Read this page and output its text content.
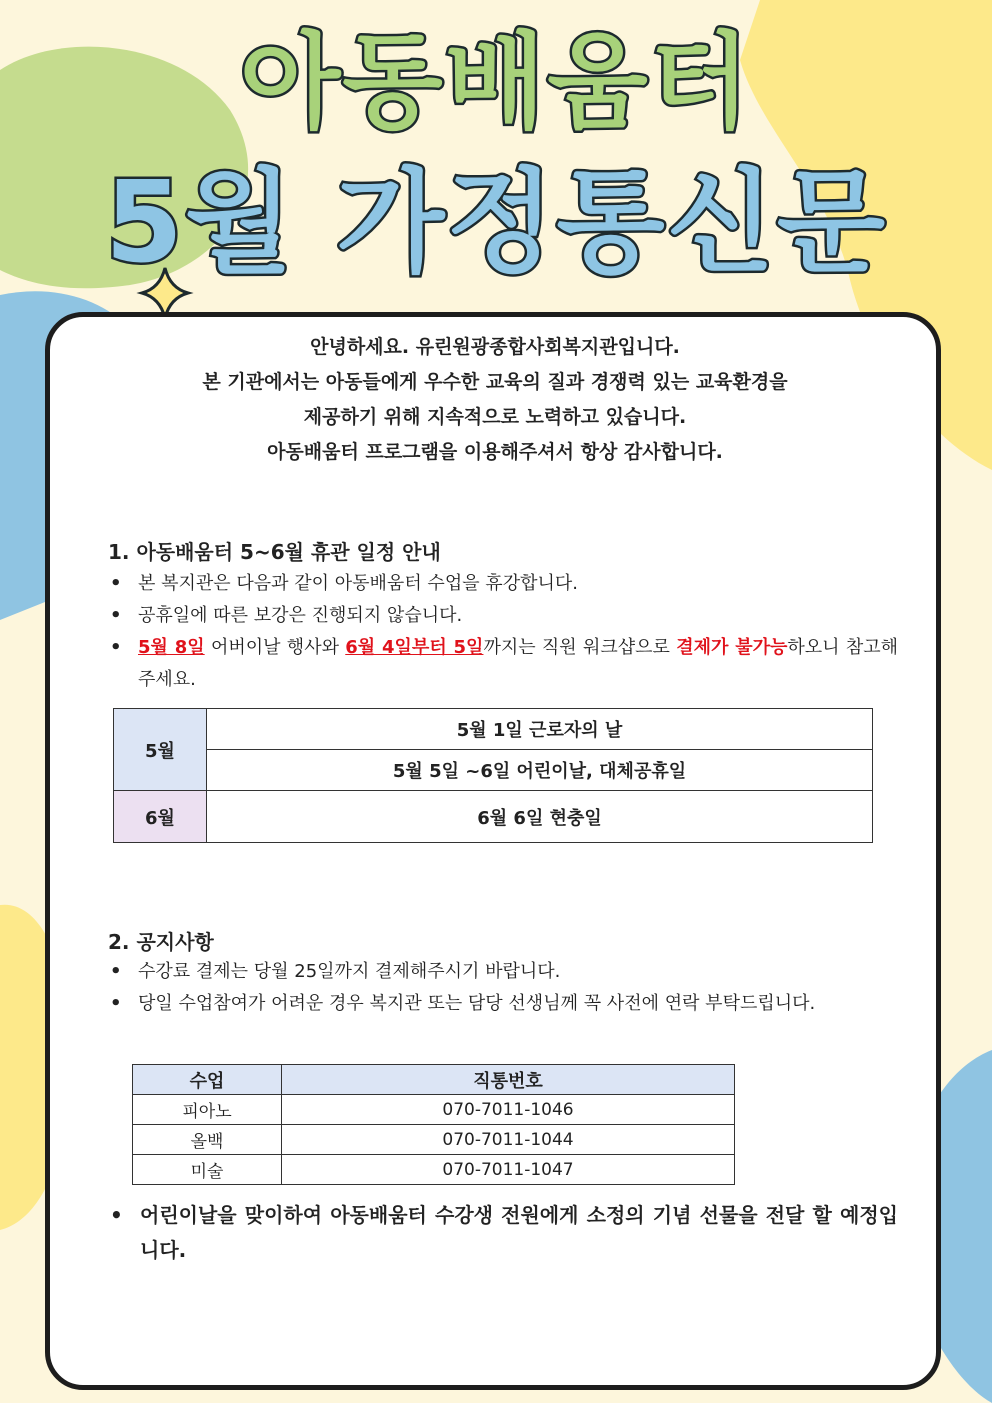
아동배움터
5월 가정통신문
안녕하세요. 유린원광종합사회복지관입니다.
본 기관에서는 아동들에게 우수한 교육의 질과 경쟁력 있는 교육환경을
제공하기 위해 지속적으로 노력하고 있습니다.
아동배움터 프로그램을 이용해주셔서 항상 감사합니다.
1. 아동배움터 5~6월 휴관 일정 안내
• 본 복지관은 다음과 같이 아동배움터 수업을 휴강합니다.
• 공휴일에 따른 보강은 진행되지 않습니다.
• 5월 8일 어버이날 행사와 6월 4일부터 5일까지는 직원 워크샵으로 결제가 불가능하오니 참고해주세요.
5월	5월 1일 근로자의 날
	5월 5일 ~6일 어린이날, 대체공휴일
6월	6월 6일 현충일
2. 공지사항
• 수강료 결제는 당월 25일까지 결제해주시기 바랍니다.
• 당일 수업참여가 어려운 경우 복지관 또는 담당 선생님께 꼭 사전에 연락 부탁드립니다.
수업	직통번호
피아노	070-7011-1046
올백	070-7011-1044
미술	070-7011-1047
• 어린이날을 맞이하여 아동배움터 수강생 전원에게 소정의 기념 선물을 전달 할 예정입니다.
